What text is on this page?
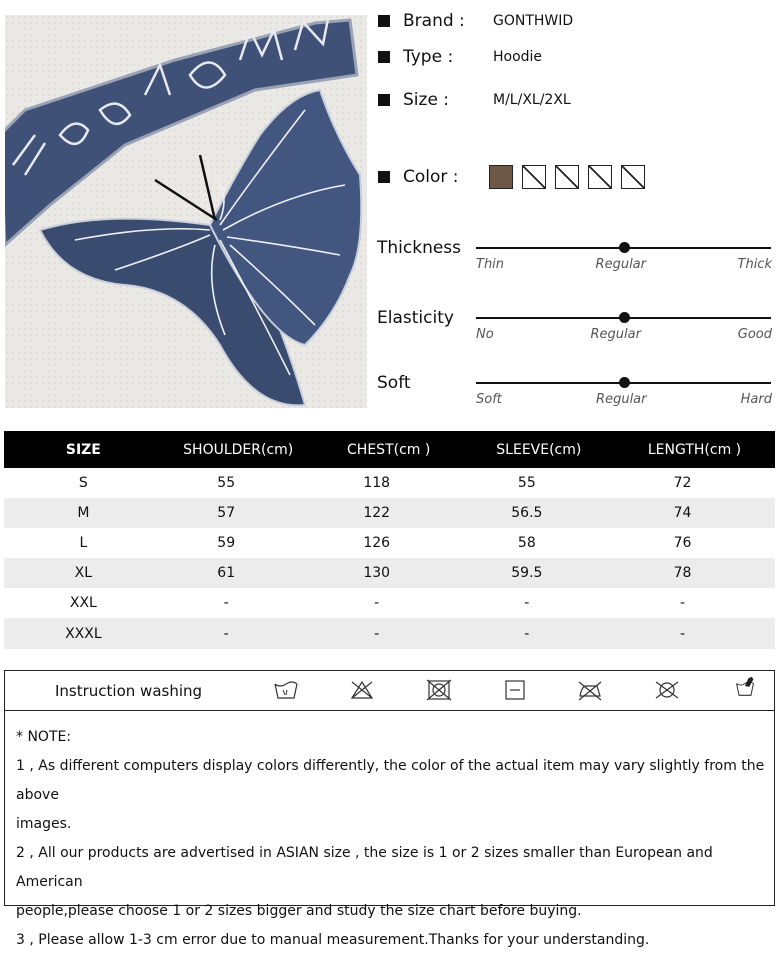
Brand :	GONTHWID
Type :	Hoodie
Size :	M/L/XL/2XL
Color :
Thickness
Thin	Regular	Thick
Elasticity
No	Regular	Good
Soft
Soft	Regular	Hard
SIZE	SHOULDER(cm)	CHEST(cm )	SLEEVE(cm)	LENGTH(cm )
S	55	118	55	72
M	57	122	56.5	74
L	59	126	58	76
XL	61	130	59.5	78
XXL	-	-	-	-
XXXL	-	-	-	-
Instruction washing

* NOTE:

1 , As different computers display colors differently, the color of the actual item may vary slightly from the above

images.

2 , All our products are advertised in ASIAN size , the size is 1 or 2 sizes smaller than European and American

people,please choose 1 or 2 sizes bigger and study the size chart before buying.

3 , Please allow 1-3 cm error due to manual measurement.Thanks for your understanding.
